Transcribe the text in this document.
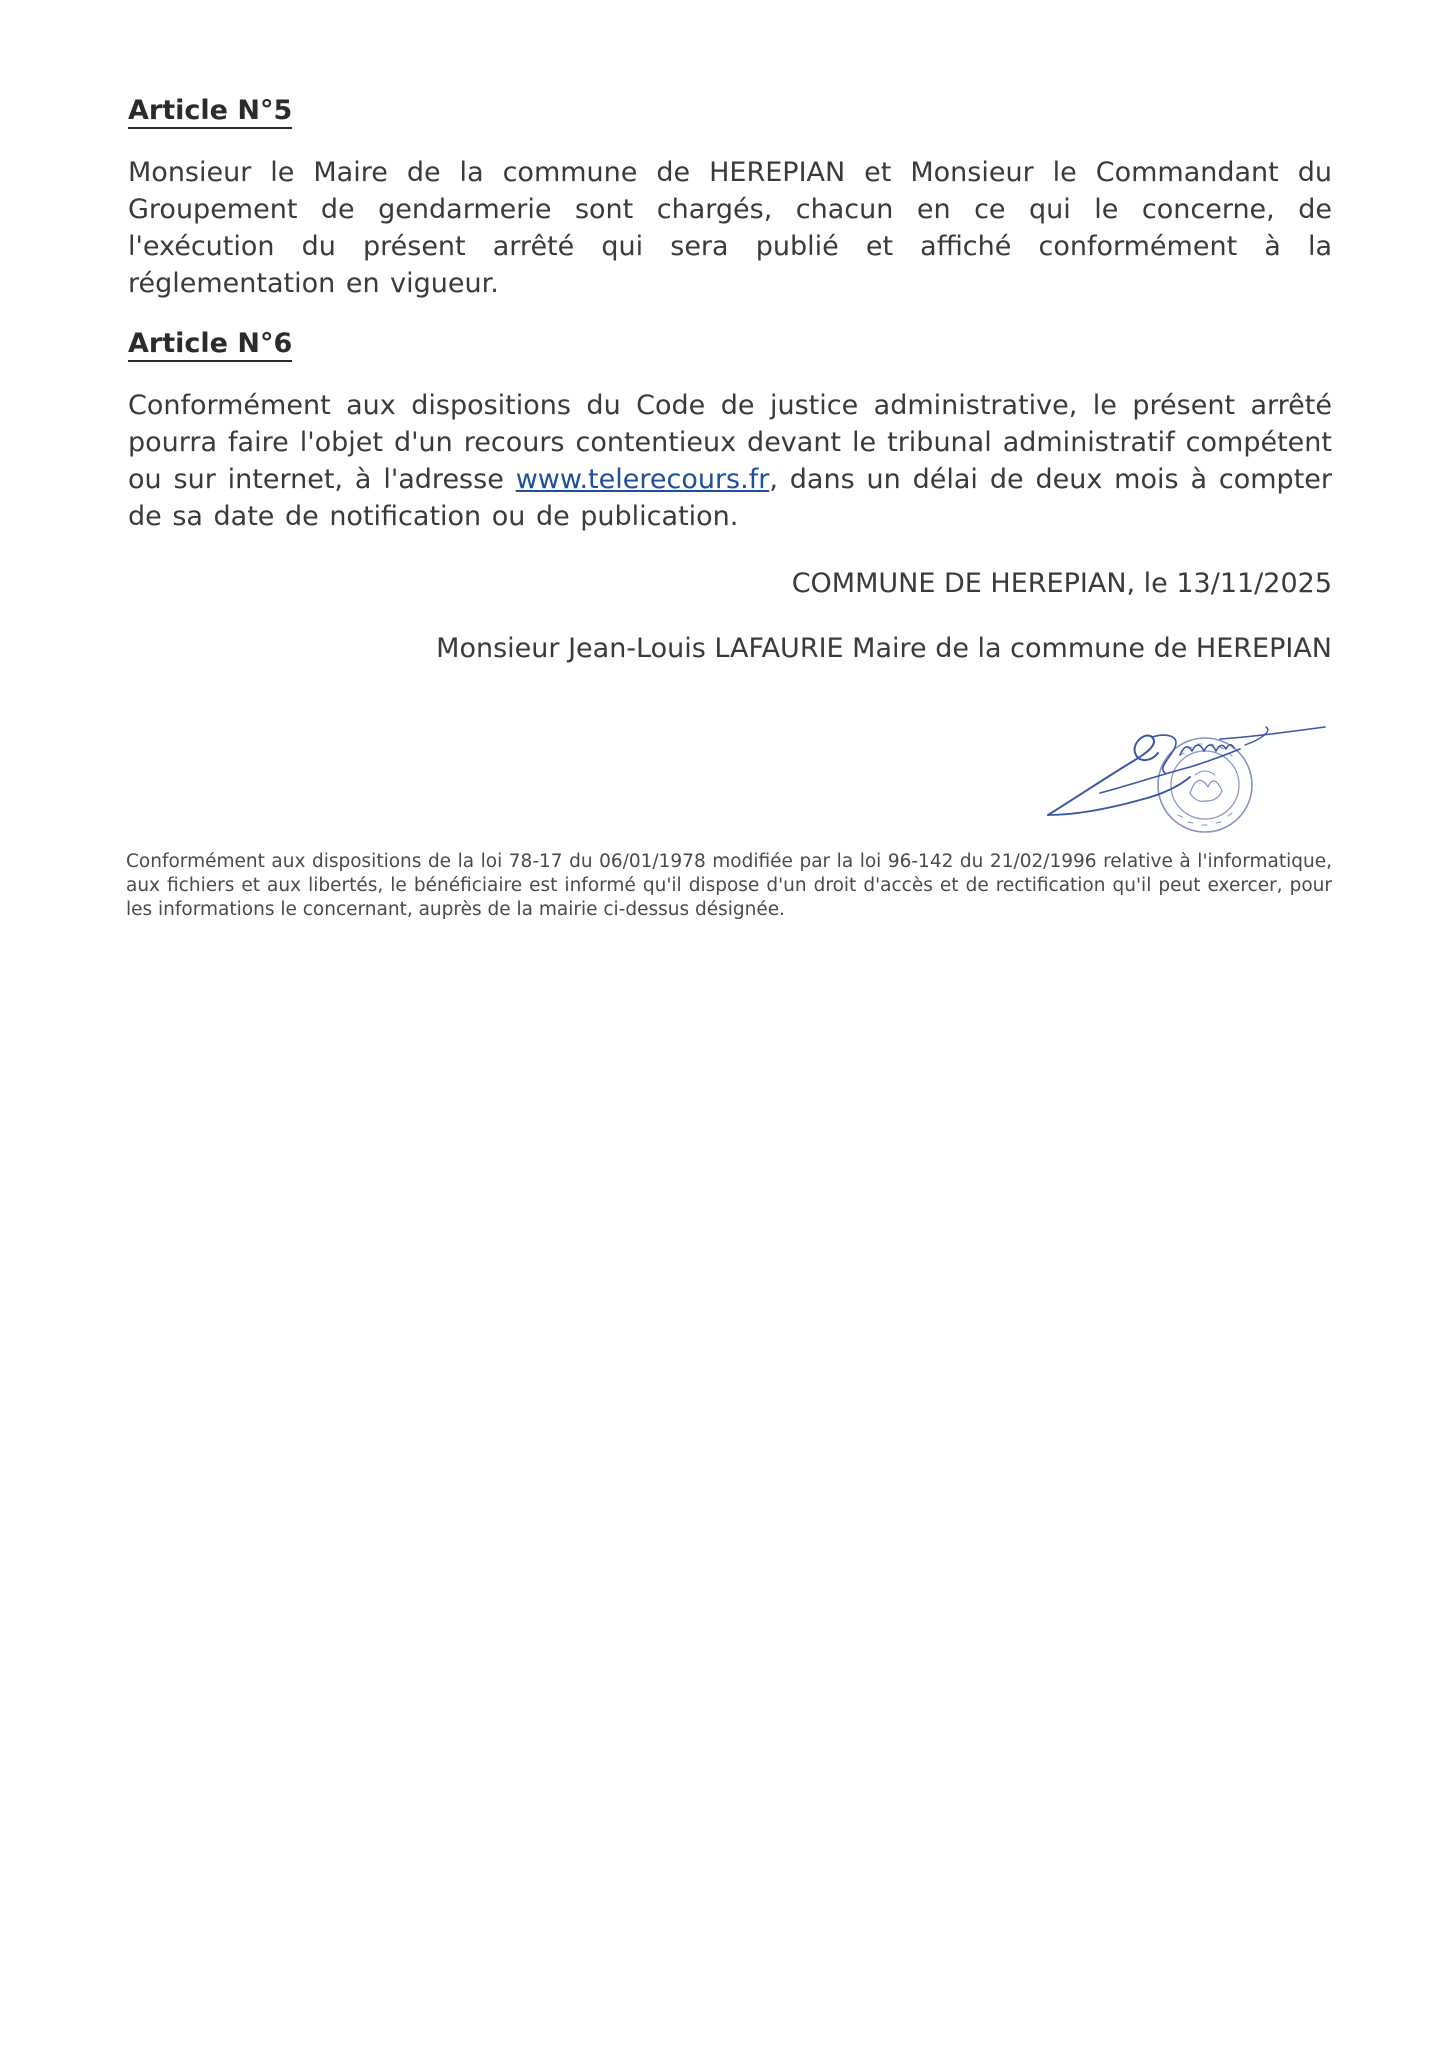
Article N°5

Monsieur le Maire de la commune de HEREPIAN et Monsieur le Commandant du Groupement de gendarmerie sont chargés, chacun en ce qui le concerne, de l'exécution du présent arrêté qui sera publié et affiché conformément à la réglementation en vigueur.

Article N°6

Conformément aux dispositions du Code de justice administrative, le présent arrêté pourra faire l'objet d'un recours contentieux devant le tribunal administratif compétent ou sur internet, à l'adresse www.telerecours.fr, dans un délai de deux mois à compter de sa date de notification ou de publication.

COMMUNE DE HEREPIAN, le 13/11/2025

Monsieur Jean-Louis LAFAURIE Maire de la commune de HEREPIAN

Conformément aux dispositions de la loi 78-17 du 06/01/1978 modifiée par la loi 96-142 du 21/02/1996 relative à l'informatique, aux fichiers et aux libertés, le bénéficiaire est informé qu'il dispose d'un droit d'accès et de rectification qu'il peut exercer, pour les informations le concernant, auprès de la mairie ci-dessus désignée.
